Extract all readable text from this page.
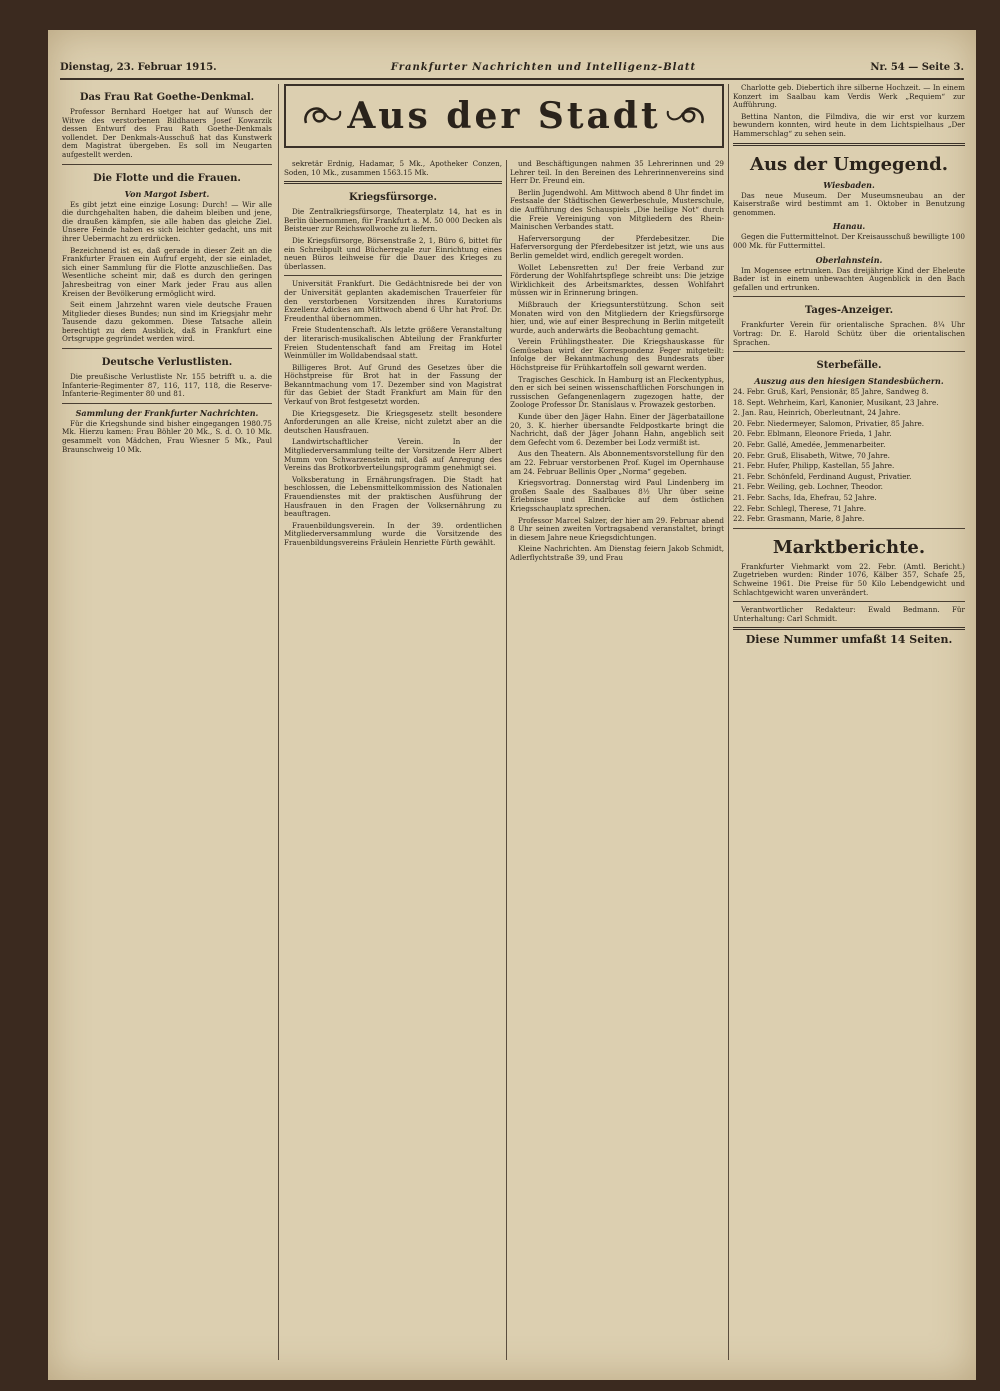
Dienstag, 23. Februar 1915.	Frankfurter Nachrichten und Intelligenz-Blatt	Nr. 54 — Seite 3.
Aus der Stadt
Das Frau Rat Goethe-Denkmal.

Professor Bernhard Hoetger hat auf Wunsch der Witwe des verstorbenen Bildhauers Josef Kowarzik dessen Entwurf des Frau Rath Goethe-Denkmals vollendet. Der Denkmals-Ausschuß hat das Kunstwerk dem Magistrat übergeben. Es soll im Neugarten aufgestellt werden.

Die Flotte und die Frauen.
Von Margot Isbert.

Es gibt jetzt eine einzige Losung: Durch! — Wir alle die durchgehalten haben, die daheim bleiben und jene, die draußen kämpfen, sie alle haben das gleiche Ziel. Unsere Feinde haben es sich leichter gedacht, uns mit ihrer Uebermacht zu erdrücken.

Bezeichnend ist es, daß gerade in dieser Zeit an die Frankfurter Frauen ein Aufruf ergeht, der sie einladet, sich einer Sammlung für die Flotte anzuschließen. Das Wesentliche scheint mir, daß es durch den geringen Jahresbeitrag von einer Mark jeder Frau aus allen Kreisen der Bevölkerung ermöglicht wird.

Seit einem Jahrzehnt waren viele deutsche Frauen Mitglieder dieses Bundes; nun sind im Kriegsjahr mehr Tausende dazu gekommen. Diese Tatsache allein berechtigt zu dem Ausblick, daß in Frankfurt eine Ortsgruppe gegründet werden wird.

Deutsche Verlustlisten.

Die preußische Verlustliste Nr. 155 betrifft u. a. die Infanterie-Regimenter 87, 116, 117, 118, die Reserve-Infanterie-Regimenter 80 und 81.

Sammlung der Frankfurter Nachrichten.

Für die Kriegshunde sind bisher eingegangen 1980.75 Mk. Hierzu kamen: Frau Böhler 20 Mk., S. d. O. 10 Mk. gesammelt von Mädchen, Frau Wiesner 5 Mk., Paul Braunschweig 10 Mk.

sekretär Erdnig, Hadamar, 5 Mk., Apotheker Conzen, Soden, 10 Mk., zusammen 1563.15 Mk.

Kriegsfürsorge.

Die Zentralkriegsfürsorge, Theaterplatz 14, hat es in Berlin übernommen, für Frankfurt a. M. 50 000 Decken als Beisteuer zur Reichswollwoche zu liefern.

Die Kriegsfürsorge, Börsenstraße 2, 1, Büro 6, bittet für ein Schreibpult und Bücherregale zur Einrichtung eines neuen Büros leihweise für die Dauer des Krieges zu überlassen.

Universität Frankfurt. Die Gedächtnisrede bei der von der Universität geplanten akademischen Trauerfeier für den verstorbenen Vorsitzenden ihres Kuratoriums Exzellenz Adickes am Mittwoch abend 6 Uhr hat Prof. Dr. Freudenthal übernommen.

Freie Studentenschaft. Als letzte größere Veranstaltung der literarisch-musikalischen Abteilung der Frankfurter Freien Studentenschaft fand am Freitag im Hotel Weinmüller im Wolldabendsaal statt.

Billigeres Brot. Auf Grund des Gesetzes über die Höchstpreise für Brot hat in der Fassung der Bekanntmachung vom 17. Dezember sind von Magistrat für das Gebiet der Stadt Frankfurt am Main für den Verkauf von Brot festgesetzt worden.

Die Kriegsgesetz. Die Kriegsgesetz stellt besondere Anforderungen an alle Kreise, nicht zuletzt aber an die deutschen Hausfrauen.

Landwirtschaftlicher Verein. In der Mitgliederversammlung teilte der Vorsitzende Herr Albert Mumm von Schwarzenstein mit, daß auf Anregung des Vereins das Brotkorbverteilungsprogramm genehmigt sei.

Volksberatung in Ernährungsfragen. Die Stadt hat beschlossen, die Lebensmittelkommission des Nationalen Frauendienstes mit der praktischen Ausführung der Hausfrauen in den Fragen der Volksernährung zu beauftragen.

Frauenbildungsverein. In der 39. ordentlichen Mitgliederversammlung wurde die Vorsitzende des Frauenbildungsvereins Fräulein Henriette Fürth gewählt.

und Beschäftigungen nahmen 35 Lehrerinnen und 29 Lehrer teil. In den Bereinen des Lehrerinnenvereins sind Herr Dr. Freund ein.

Berlin Jugendwohl. Am Mittwoch abend 8 Uhr findet im Festsaale der Städtischen Gewerbeschule, Musterschule, die Aufführung des Schauspiels „Die heilige Not“ durch die Freie Vereinigung von Mitgliedern des Rhein-Mainischen Verbandes statt.

Haferversorgung der Pferdebesitzer. Die Haferversorgung der Pferdebesitzer ist jetzt, wie uns aus Berlin gemeldet wird, endlich geregelt worden.

Wollet Lebensretten zu! Der freie Verband zur Förderung der Wohlfahrtspflege schreibt uns: Die jetzige Wirklichkeit des Arbeitsmarktes, dessen Wohlfahrt müssen wir in Erinnerung bringen.

Mißbrauch der Kriegsunterstützung. Schon seit Monaten wird von den Mitgliedern der Kriegsfürsorge hier, und, wie auf einer Besprechung in Berlin mitgeteilt wurde, auch anderwärts die Beobachtung gemacht.

Verein Frühlingstheater. Die Kriegshauskasse für Gemüsebau wird der Korrespondenz Feger mitgeteilt: Infolge der Bekanntmachung des Bundesrats über Höchstpreise für Frühkartoffeln soll gewarnt werden.

Tragisches Geschick. In Hamburg ist an Fleckentyphus, den er sich bei seinen wissenschaftlichen Forschungen in russischen Gefangenenlagern zugezogen hatte, der Zoologe Professor Dr. Stanislaus v. Prowazek gestorben.

Kunde über den Jäger Hahn. Einer der Jägerbataillone 20, 3. K. hierher übersandte Feldpostkarte bringt die Nachricht, daß der Jäger Johann Hahn, angeblich seit dem Gefecht vom 6. Dezember bei Lodz vermißt ist.

Aus den Theatern. Als Abonnementsvorstellung für den am 22. Februar verstorbenen Prof. Kugel im Opernhause am 24. Februar Bellinis Oper „Norma“ gegeben.

Kriegsvortrag. Donnerstag wird Paul Lindenberg im großen Saale des Saalbaues 8½ Uhr über seine Erlebnisse und Eindrücke auf dem östlichen Kriegsschauplatz sprechen.

Professor Marcel Salzer, der hier am 29. Februar abend 8 Uhr seinen zweiten Vortragsabend veranstaltet, bringt in diesem Jahre neue Kriegsdichtungen.

Kleine Nachrichten. Am Dienstag feiern Jakob Schmidt, Adlerflychtstraße 39, und Frau

Charlotte geb. Diebertich ihre silberne Hochzeit. — In einem Konzert im Saalbau kam Verdis Werk „Requiem“ zur Aufführung.

Bettina Nanton, die Filmdiva, die wir erst vor kurzem bewundern konnten, wird heute in dem Lichtspielhaus „Der Hammerschlag“ zu sehen sein.

Aus der Umgegend.
Wiesbaden.

Das neue Museum. Der Museumsneubau an der Kaiserstraße wird bestimmt am 1. Oktober in Benutzung genommen.

Hanau.

Gegen die Futtermittelnot. Der Kreisausschuß bewilligte 100 000 Mk. für Futtermittel.

Oberlahnstein.

Im Mogensee ertrunken. Das dreijährige Kind der Eheleute Bader ist in einem unbewachten Augenblick in den Bach gefallen und ertrunken.

Tages-Anzeiger.

Frankfurter Verein für orientalische Sprachen. 8¼ Uhr Vortrag: Dr. E. Harold Schütz über die orientalischen Sprachen.

Sterbefälle.
Auszug aus den hiesigen Standesbüchern.
24. Febr. Gruß, Karl, Pensionär, 85 Jahre, Sandweg 8.
18. Sept. Wehrheim, Karl, Kanonier, Musikant, 23 Jahre.
2. Jan. Rau, Heinrich, Oberleutnant, 24 Jahre.
20. Febr. Niedermeyer, Salomon, Privatier, 85 Jahre.
20. Febr. Eblmann, Eleonore Frieda, 1 Jahr.
20. Febr. Gallé, Amedée, Jemmenarbeiter.
20. Febr. Gruß, Elisabeth, Witwe, 70 Jahre.
21. Febr. Hufer, Philipp, Kastellan, 55 Jahre.
21. Febr. Schönfeld, Ferdinand August, Privatier.
21. Febr. Weiling, geb. Lochner, Theodor.
21. Febr. Sachs, Ida, Ehefrau, 52 Jahre.
22. Febr. Schlegl, Therese, 71 Jahre.
22. Febr. Grasmann, Marie, 8 Jahre.
Marktberichte.

Frankfurter Viehmarkt vom 22. Febr. (Amtl. Bericht.) Zugetrieben wurden: Rinder 1076, Kälber 357, Schafe 25, Schweine 1961. Die Preise für 50 Kilo Lebendgewicht und Schlachtgewicht waren unverändert.

Verantwortlicher Redakteur: Ewald Bedmann. Für Unterhaltung: Carl Schmidt.

Diese Nummer umfaßt 14 Seiten.
